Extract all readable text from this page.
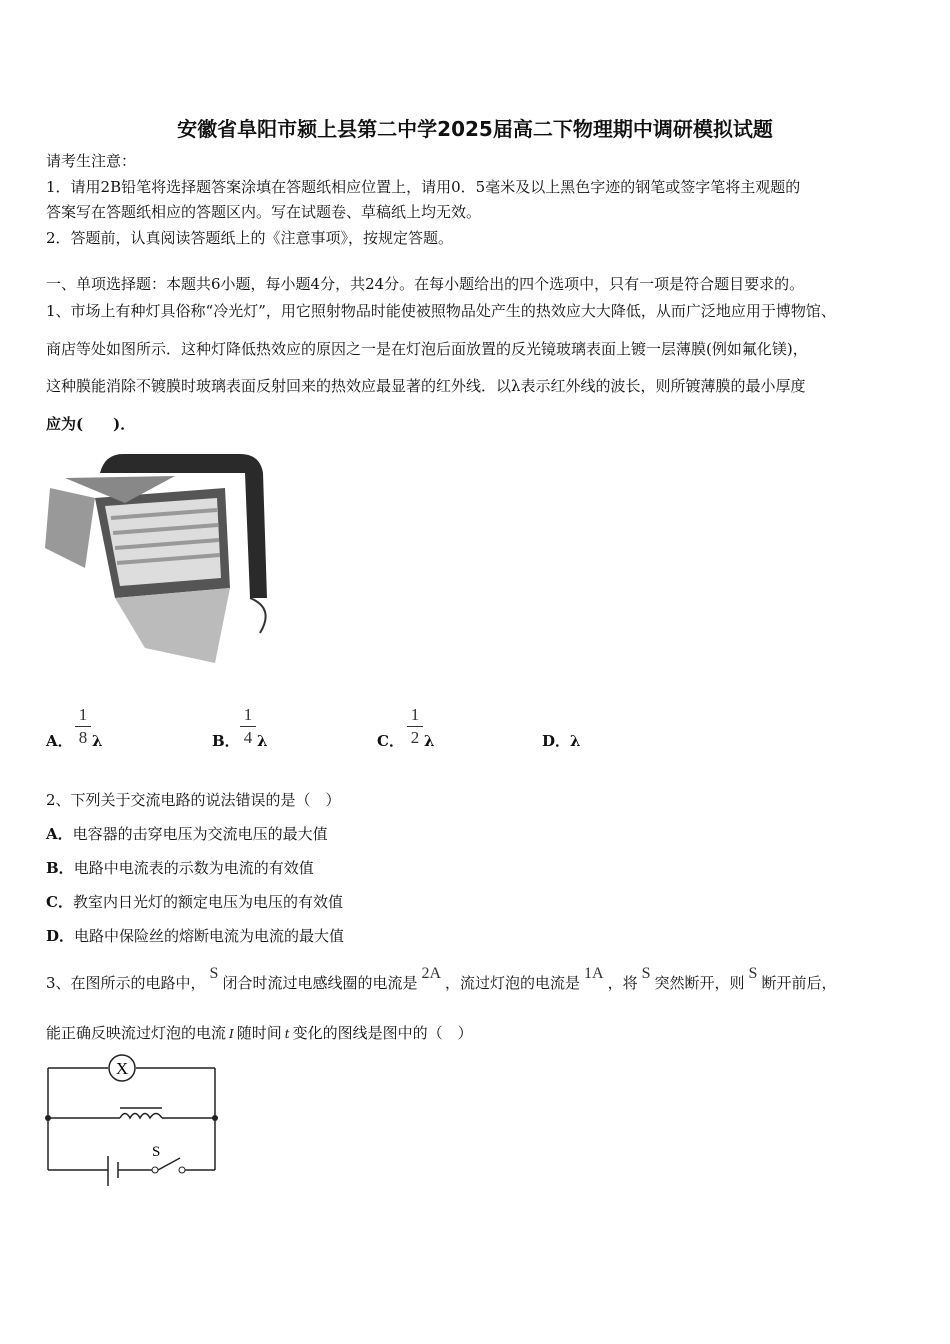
安徽省阜阳市颍上县第二中学2025届高二下物理期中调研模拟试题
请考生注意：
1．请用2B铅笔将选择题答案涂填在答题纸相应位置上，请用0．5毫米及以上黑色字迹的钢笔或签字笔将主观题的
答案写在答题纸相应的答题区内。写在试题卷、草稿纸上均无效。
2．答题前，认真阅读答题纸上的《注意事项》，按规定答题。
一、单项选择题：本题共6小题，每小题4分，共24分。在每小题给出的四个选项中，只有一项是符合题目要求的。
1、市场上有种灯具俗称“冷光灯”，用它照射物品时能使被照物品处产生的热效应大大降低，从而广泛地应用于博物馆、
商店等处如图所示．这种灯降低热效应的原因之一是在灯泡后面放置的反光镜玻璃表面上镀一层薄膜(例如氟化镁)，
这种膜能消除不镀膜时玻璃表面反射回来的热效应最显著的红外线．以λ表示红外线的波长，则所镀薄膜的最小厚度
应为(　　)．
A． $\frac{1}{8}$ λ	B． $\frac{1}{4}$ λ	C． $\frac{1}{2}$ λ	D． λ
2、下列关于交流电路的说法错误的是（　）
A．电容器的击穿电压为交流电压的最大值
B．电路中电流表的示数为电流的有效值
C．教室内日光灯的额定电压为电压的有效值
D．电路中保险丝的熔断电流为电流的最大值
3、在图所示的电路中，S闭合时流过电感线圈的电流是2A，流过灯泡的电流是1A，将S突然断开，则S断开前后，
能正确反映流过灯泡的电流 I 随时间 t 变化的图线是图中的（　）
X
S
